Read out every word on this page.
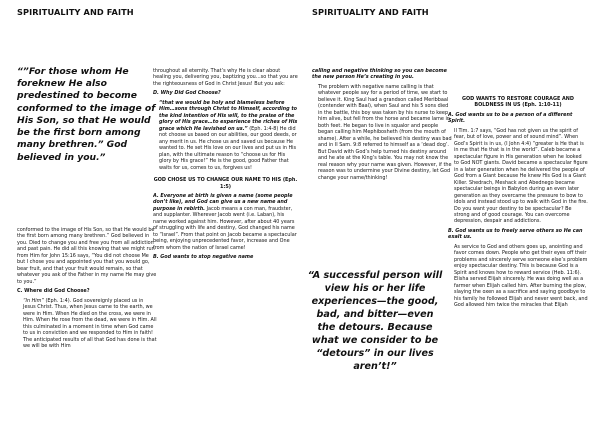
SPIRITUALITY AND FAITH
“”For those whom He foreknew He also predestined to become conformed to the image of His Son, so that He would be the first born among many brethren.” God believed in you.”

conformed to the image of His Son, so that He would be the first born among many brethren.” God believed in you. Died to change you and free you from all addiction and past pain. He did all this knowing that we might run from Him for John 15:16 says, “You did not choose Me but I chose you and appointed you that you would go, bear fruit, and that your fruit would remain, so that whatever you ask of the Father in my name He may give to you.”

C. Where did God Choose?

“In Him” (Eph. 1:4). God sovereignly placed us in Jesus Christ. Thus, when Jesus came to the earth, we were in Him. When He died on the cross, we were in Him. When He rose from the dead, we were in Him. All this culminated in a moment in time when God came to us in conviction and we responded to Him in faith! The anticipated results of all that God has done is that we will be with Him

throughout all eternity. That’s why He is clear about healing you, delivering you, baptizing you…so that you are the righteousness of God in Christ Jesus! But you ask:

D. Why Did God Choose?

“that we would be holy and blameless before Him…sons through Christ to Himself, according to the kind intention of His will, to the praise of the glory of His grace…to experience the riches of His grace which He lavished on us.” (Eph. 1:4-8) He did not choose us based on our abilities, our good deeds, or any merit in us. He chose us and saved us because He wanted to. He set His love on our lives and put us in His plan, with the ultimate reason to “choose us for His glory by His grace!” He is the good, good Father that waits for us, comes to us, forgives us!

GOD CHOSE US TO CHANGE OUR NAME TO HIS (Eph. 1:5)

A. Everyone at birth is given a name (some people don’t like), and God can give us a new name and purpose in rebirth. Jacob means a con man, fraudster, and supplanter. Wherever Jacob went (i.e. Laban), his name worked against him. However, after about 40 years of struggling with life and destiny, God changed his name to “Israel”. From that point on Jacob became a spectacular being, enjoying unprecedented favor, increase and One from whom the nation of Israel came!

B. God wants to stop negative name

SPIRITUALITY AND FAITH

calling and negative thinking so you can become the new person He’s creating in you.

The problem with negative name calling is that whatever people say for a period of time, we start to believe it. King Saul had a grandson called Meribbaal (contender with Baal), when Saul and his 5 sons died in the battle, this boy was taken by his nurse to keep him alive, but fell from the horse and became lame in both feet. He began to live in squalor and people began calling him Mephibosheth (from the mouth of shame). After a while, he believed his destiny was bad and in II Sam. 9:8 referred to himself as a ‘dead dog’. But David with God’s help turned his destiny around and he ate at the King’s table. You may not know the real reason why your name was given. However, if the reason was to undermine your Divine destiny, let God change your name/thinking!

“A successful person will view his or her life experiences—the good, bad, and bitter—even the detours. Because what we consider to be “detours” in our lives aren’t!”

GOD WANTS TO RESTORE COURAGE AND BOLDNESS IN US (Eph. 1:10-11)

A. God wants us to be a person of a different Spirit.

II Tim. 1:7 says, “God has not given us the spirit of fear, but of love, power and of sound mind”. When God’s Spirit is in us, (I John 4:4) “greater is He that is in me that He that is in the world”. Caleb became a spectacular figure in His generation when he looked to God NOT giants. David became a spectacular figure in a later generation when he delivered the people of God from a Giant because He knew His God is a Giant Killer. Shedrach, Meshack and Abednego became spectacular beings in Babylon during an even later generation as they overcame the pressure to bow to idols and instead stood up to walk with God in the fire. Do you want your destiny to be spectacular? Be strong and of good courage. You can overcome depression, despair and addictions.

B. God wants us to freely serve others so He can exalt us.

As service to God and others goes up, anointing and favor comes down. People who get their eyes off their problems and sincerely serve someone else’s problem enjoy spectacular destiny. This is because God is a Spirit and knows how to reward service (Heb. 11:6). Elisha served Elijah sincerely. He was doing well as a farmer when Elijah called him. After burning the plow, slaying the oxen as a sacrifice and saying goodbye to his family he followed Elijah and never went back, and God allowed him twice the miracles that Elijah
